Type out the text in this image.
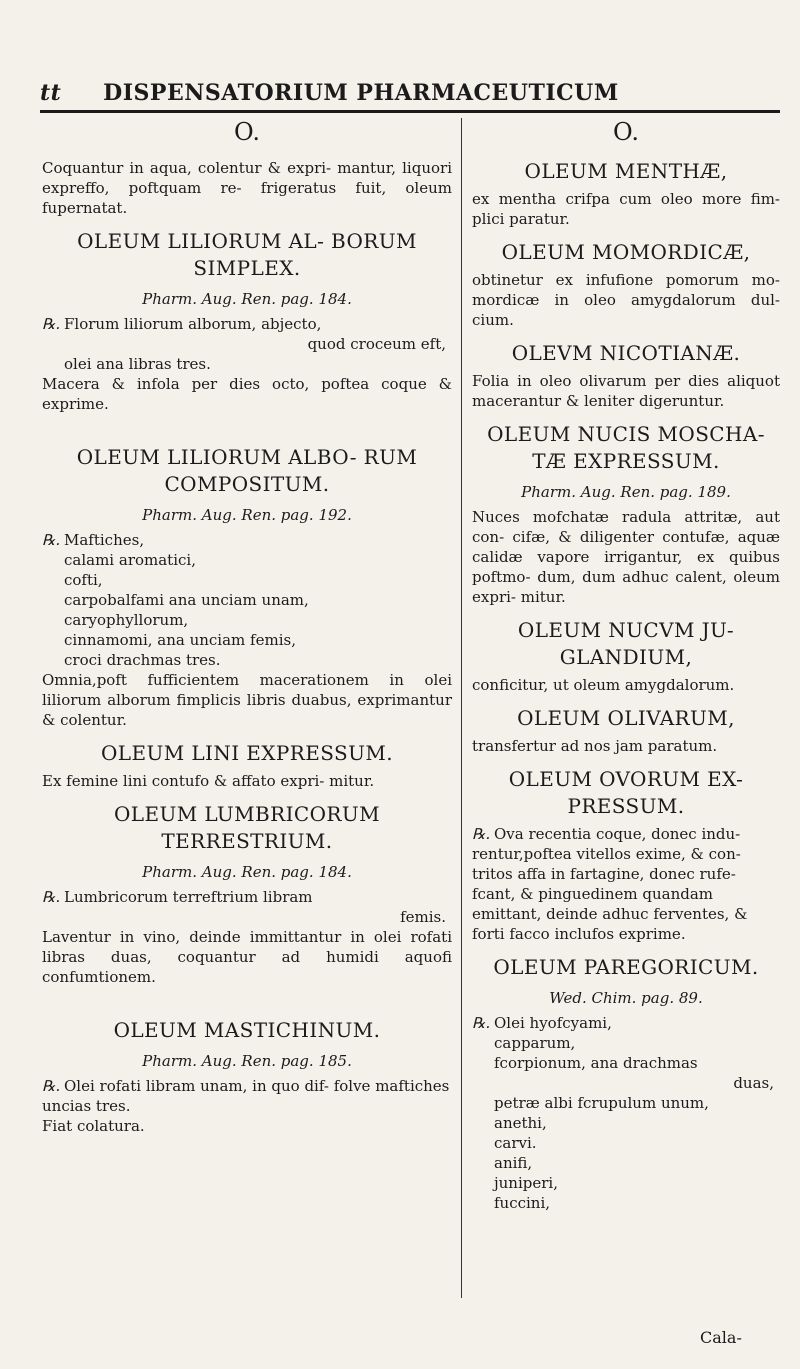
tt DISPENSATORIUM PHARMACEUTICUM
O.

Coquantur in aqua, colentur & expri- mantur, liquori expreffo, poftquam re- frigeratus fuit, oleum fupernatat.

OLEUM LILIORUM AL- BORUM SIMPLEX.
Pharm. Aug. Ren. pag. 184.

℞. Florum liliorum alborum, abjecto,

quod croceum eft,

olei ana libras tres.

Macera & infola per dies octo, poftea coque & exprime.

OLEUM LILIORUM ALBO- RUM COMPOSITUM.
Pharm. Aug. Ren. pag. 192.

℞. Maftiches,

calami aromatici,

cofti,

carpobalfami ana unciam unam,

caryophyllorum,

cinnamomi, ana unciam femis,

croci drachmas tres.

Omnia,poft fufficientem macerationem in olei liliorum alborum fimplicis libris duabus, exprimantur & colentur.

OLEUM LINI EXPRESSUM.

Ex femine lini contufo & affato expri- mitur.

OLEUM LUMBRICORUM TERRESTRIUM.
Pharm. Aug. Ren. pag. 184.

℞. Lumbricorum terreftrium libram

femis.

Laventur in vino, deinde immittantur in olei rofati libras duas, coquantur ad humidi aquofi confumtionem.

OLEUM MASTICHINUM.
Pharm. Aug. Ren. pag. 185.

℞. Olei rofati libram unam, in quo dif- folve maftiches uncias tres.

Fiat colatura.

O.
OLEUM MENTHÆ,

ex mentha crifpa cum oleo more fim- plici paratur.

OLEUM MOMORDICÆ,

obtinetur ex infufione pomorum mo- mordicæ in oleo amygdalorum dul- cium.

OLEVM NICOTIANÆ.

Folia in oleo olivarum per dies aliquot macerantur & leniter digeruntur.

OLEUM NUCIS MOSCHA- TÆ EXPRESSUM.
Pharm. Aug. Ren. pag. 189.

Nuces mofchatæ radula attritæ, aut con- cifæ, & diligenter contufæ, aquæ calidæ vapore irrigantur, ex quibus poftmo- dum, dum adhuc calent, oleum expri- mitur.

OLEUM NUCVM JU- GLANDIUM,

conficitur, ut oleum amygdalorum.

OLEUM OLIVARUM,

transfertur ad nos jam paratum.

OLEUM OVORUM EX- PRESSUM.

℞. Ova recentia coque, donec indu- rentur,poftea vitellos exime, & con- tritos affa in fartagine, donec rufe- fcant, & pinguedinem quandam emittant, deinde adhuc ferventes, & forti facco inclufos exprime.

OLEUM PAREGORICUM.
Wed. Chim. pag. 89.

℞. Olei hyofcyami,

capparum,

fcorpionum, ana drachmas

duas,

petræ albi fcrupulum unum,

anethi,

carvi.

anifi,

juniperi,

fuccini,

Cala-
